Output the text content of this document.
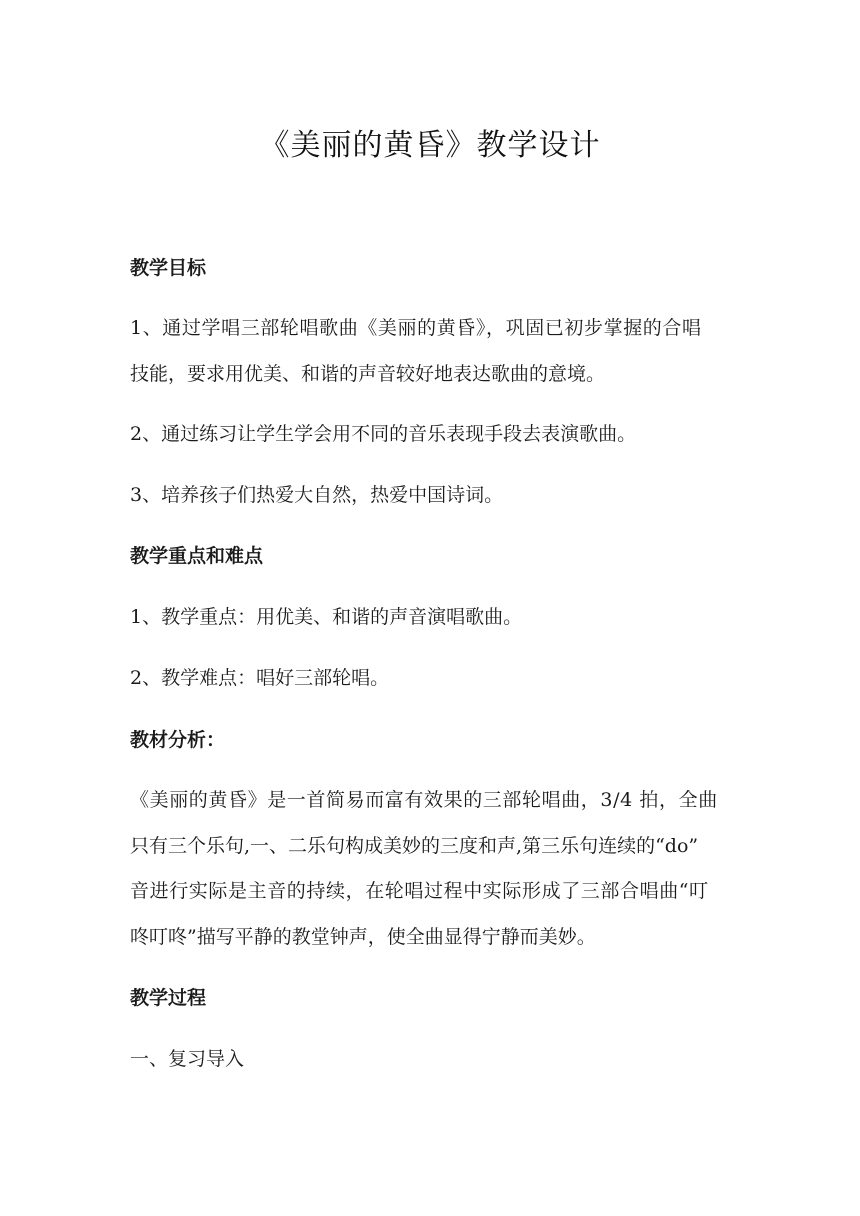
《美丽的黄昏》教学设计
教学目标
1、通过学唱三部轮唱歌曲《美丽的黄昏》，巩固已初步掌握的合唱
技能，要求用优美、和谐的声音较好地表达歌曲的意境。
2、通过练习让学生学会用不同的音乐表现手段去表演歌曲。
3、培养孩子们热爱大自然，热爱中国诗词。
教学重点和难点
1、教学重点：用优美、和谐的声音演唱歌曲。
2、教学难点：唱好三部轮唱。
教材分析：
《美丽的黄昏》是一首简易而富有效果的三部轮唱曲，3/4 拍，全曲
只有三个乐句,一、二乐句构成美妙的三度和声,第三乐句连续的“do”
音进行实际是主音的持续，在轮唱过程中实际形成了三部合唱曲“叮
咚叮咚”描写平静的教堂钟声，使全曲显得宁静而美妙。
教学过程
一、复习导入
